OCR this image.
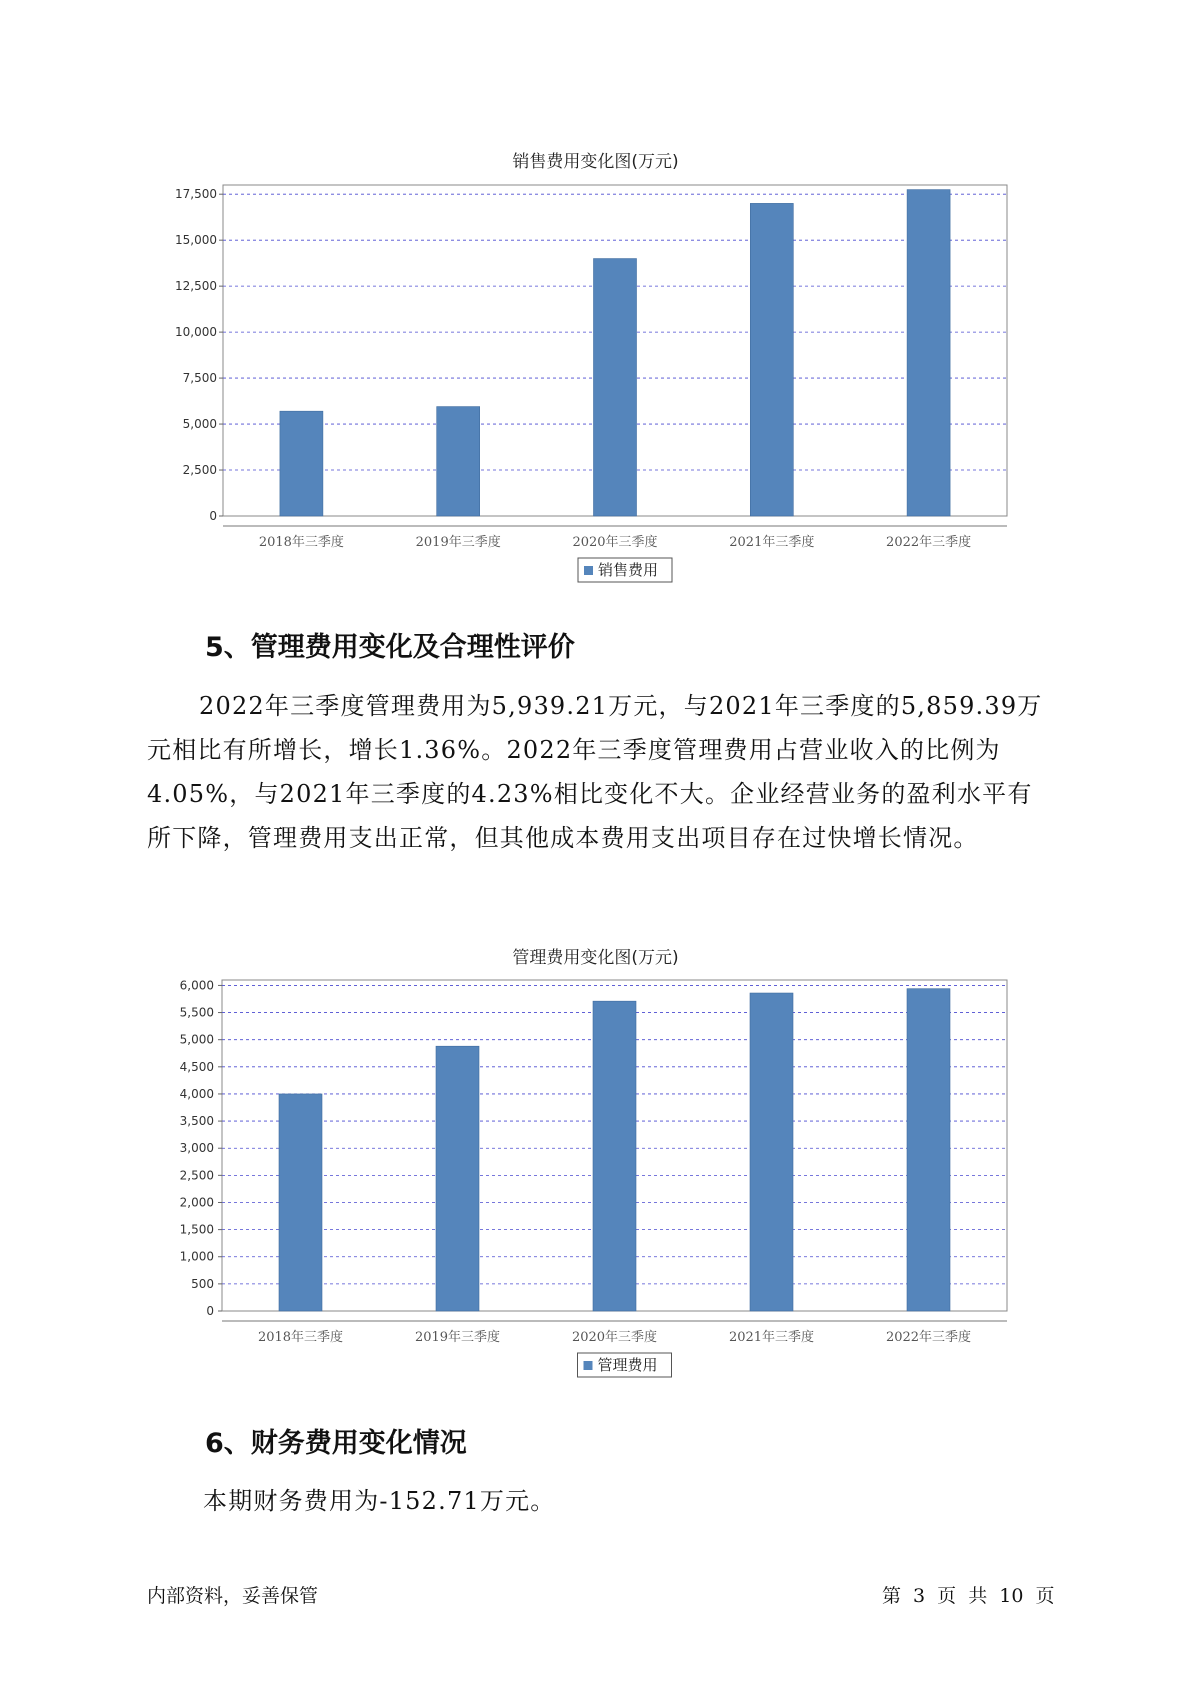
销售费用变化图(万元)
0
2,500
5,000
7,500
10,000
12,500
15,000
17,500
2018年三季度	2019年三季度	2020年三季度	2021年三季度	2022年三季度
销售费用
5、管理费用变化及合理性评价

2022年三季度管理费用为5,939.21万元，与2021年三季度的5,859.39万元相比有所增长，增长1.36%。2022年三季度管理费用占营业收入的比例为4.05%，与2021年三季度的4.23%相比变化不大。企业经营业务的盈利水平有所下降，管理费用支出正常，但其他成本费用支出项目存在过快增长情况。

管理费用变化图(万元)
0
500
1,000
1,500
2,000
2,500
3,000
3,500
4,000
4,500
5,000
5,500
6,000
2018年三季度	2019年三季度	2020年三季度	2021年三季度	2022年三季度
管理费用
6、财务费用变化情况

本期财务费用为-152.71万元。

内部资料，妥善保管	第 3 页 共 10 页
